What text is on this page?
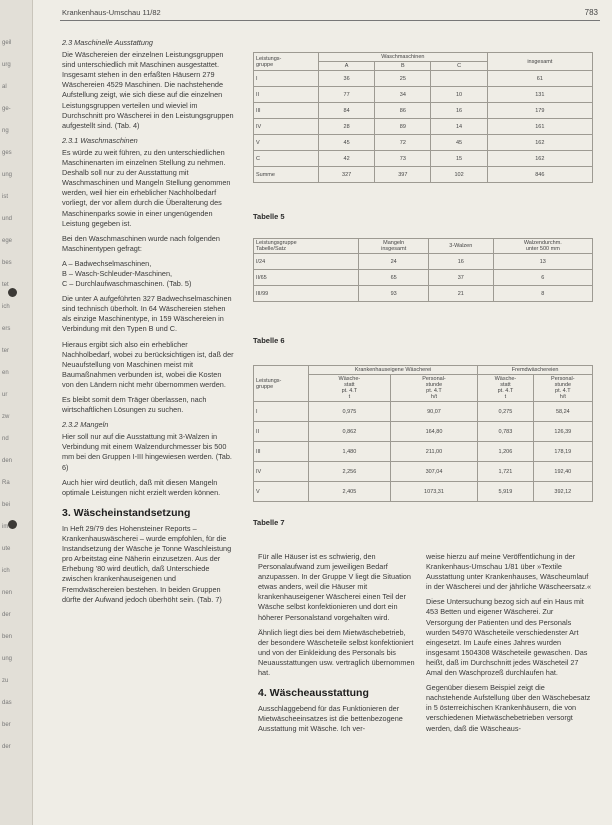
geil
urg
al
ge-
ng
ges
ung
ist
und
ege
bes
tet
ich
ers
ter
en
ur
zw
nd
den
Ra
bei
im
ute
ich
nen
der
ben
ung
zu
das
ber
der
Krankenhaus-Umschau 11/82	783
2.3 Maschinelle Ausstattung

Die Wäschereien der einzelnen Leistungsgruppen sind unterschiedlich mit Maschinen ausgestattet. Insgesamt stehen in den erfaßten Häusern 279 Wäschereien 4529 Maschinen. Die nachstehende Aufstellung zeigt, wie sich diese auf die einzelnen Leistungsgruppen verteilen und wieviel im Durchschnitt pro Wäscherei in den Leistungsgruppen aufgestellt sind. (Tab. 4)

2.3.1 Waschmaschinen

Es würde zu weit führen, zu den unterschiedlichen Maschinenarten im einzelnen Stellung zu nehmen. Deshalb soll nur zu der Ausstattung mit Waschmaschinen und Mangeln Stellung genommen werden, weil hier ein erheblicher Nachholbedarf vorliegt, der vor allem durch die Überalterung des Maschinenparks sowie in einer ungenügenden Leistung gegeben ist.

Bei den Waschmaschinen wurde nach folgenden Maschinentypen gefragt:

A – Badwechselmaschinen,
B – Wasch-Schleuder-Maschinen,
C – Durchlaufwaschmaschinen. (Tab. 5)

Die unter A aufgeführten 327 Badwechselmaschinen sind technisch überholt. In 64 Wäschereien stehen als einzige Maschinentype, in 159 Wäschereien in Verbindung mit den Typen B und C.

Hieraus ergibt sich also ein erheblicher Nachholbedarf, wobei zu berücksichtigen ist, daß der Neuaufstellung von Maschinen meist mit Baumaßnahmen verbunden ist, wobei die Kosten von den Ländern nicht mehr übernommen werden.

Es bleibt somit dem Träger überlassen, nach wirtschaftlichen Lösungen zu suchen.

2.3.2 Mangeln

Hier soll nur auf die Ausstattung mit 3-Walzen in Verbindung mit einem Walzendurchmesser bis 500 mm bei den Gruppen I-III hingewiesen werden. (Tab. 6)

Auch hier wird deutlich, daß mit diesen Mangeln optimale Leistungen nicht erzielt werden können.

3. Wäscheinstandsetzung

In Heft 29/79 des Hohensteiner Reports – Krankenhauswäscherei – wurde empfohlen, für die Instandsetzung der Wäsche je Tonne Waschleistung pro Arbeitstag eine Näherin einzusetzen. Aus der Erhebung '80 wird deutlich, daß Unterschiede zwischen krankenhauseigenen und Fremdwäschereien bestehen. In beiden Gruppen dürfte der Aufwand jedoch überhöht sein. (Tab. 7)

Leistungs-
gruppe	Waschmaschinen			insgesamt
	A	B	C	
I	36	25		61
II	77	34	10	131
III	84	86	16	179
IV	28	89	14	161
V	45	72	45	162
C	42	73	15	162
Summe	327	397	102	846
Tabelle 5
Leistungsgruppe
Tabelle/Satz	Mangeln
insgesamt	3-Walzen	Walzendurchm.
unter 500 mm
I/24	24	16	13
II/65	65	37	6
III/99	93	21	8
Tabelle 6
Leistungs-
gruppe	Krankenhauseigene Wäscherei		Fremdwäschereien	
	Wäsche-
statt
pt. 4.T
t	Personal-
stunde
pt. 4.T
h/t	Wäsche-
statt
pt. 4.T
t	Personal-
stunde
pt. 4.T
h/t
I	0,975	90,07	0,275	58,24
II	0,862	164,80	0,783	126,39
III	1,480	211,00	1,206	178,19
IV	2,256	307,04	1,721	192,40
V	2,405	1073,31	5,919	392,12
Tabelle 7

Für alle Häuser ist es schwierig, den Personalaufwand zum jeweiligen Bedarf anzupassen. In der Gruppe V liegt die Situation etwas anders, weil die Häuser mit krankenhauseigener Wäscherei einen Teil der Wäsche selbst konfektionieren und dort ein höherer Personalstand vorgehalten wird.

Ähnlich liegt dies bei dem Mietwäschebetrieb, der besondere Wäscheteile selbst konfektioniert und von der Einkleidung des Personals bis Neuausstattungen usw. vertraglich übernommen hat.

4. Wäscheausstattung

Ausschlaggebend für das Funktionieren der Mietwäscheeinsatzes ist die bettenbezogene Ausstattung mit Wäsche. Ich ver-

weise hierzu auf meine Veröffentlichung in der Krankenhaus-Umschau 1/81 über »Textile Ausstattung unter Krankenhauses, Wäscheumlauf in der Wäscherei und der jährliche Wäscheersatz.«

Diese Untersuchung bezog sich auf ein Haus mit 453 Betten und eigener Wäscherei. Zur Versorgung der Patienten und des Personals wurden 54970 Wäscheteile verschiedenster Art eingesetzt. Im Laufe eines Jahres wurden insgesamt 1504308 Wäscheteile gewaschen. Das heißt, daß im Durchschnitt jedes Wäscheteil 27 Amal den Waschprozeß durchlaufen hat.

Gegenüber diesem Beispiel zeigt die nachstehende Aufstellung über den Wäschebesatz in 5 österreichischen Krankenhäusern, die von verschiedenen Mietwäschebetrieben versorgt werden, daß die Wäscheaus-
